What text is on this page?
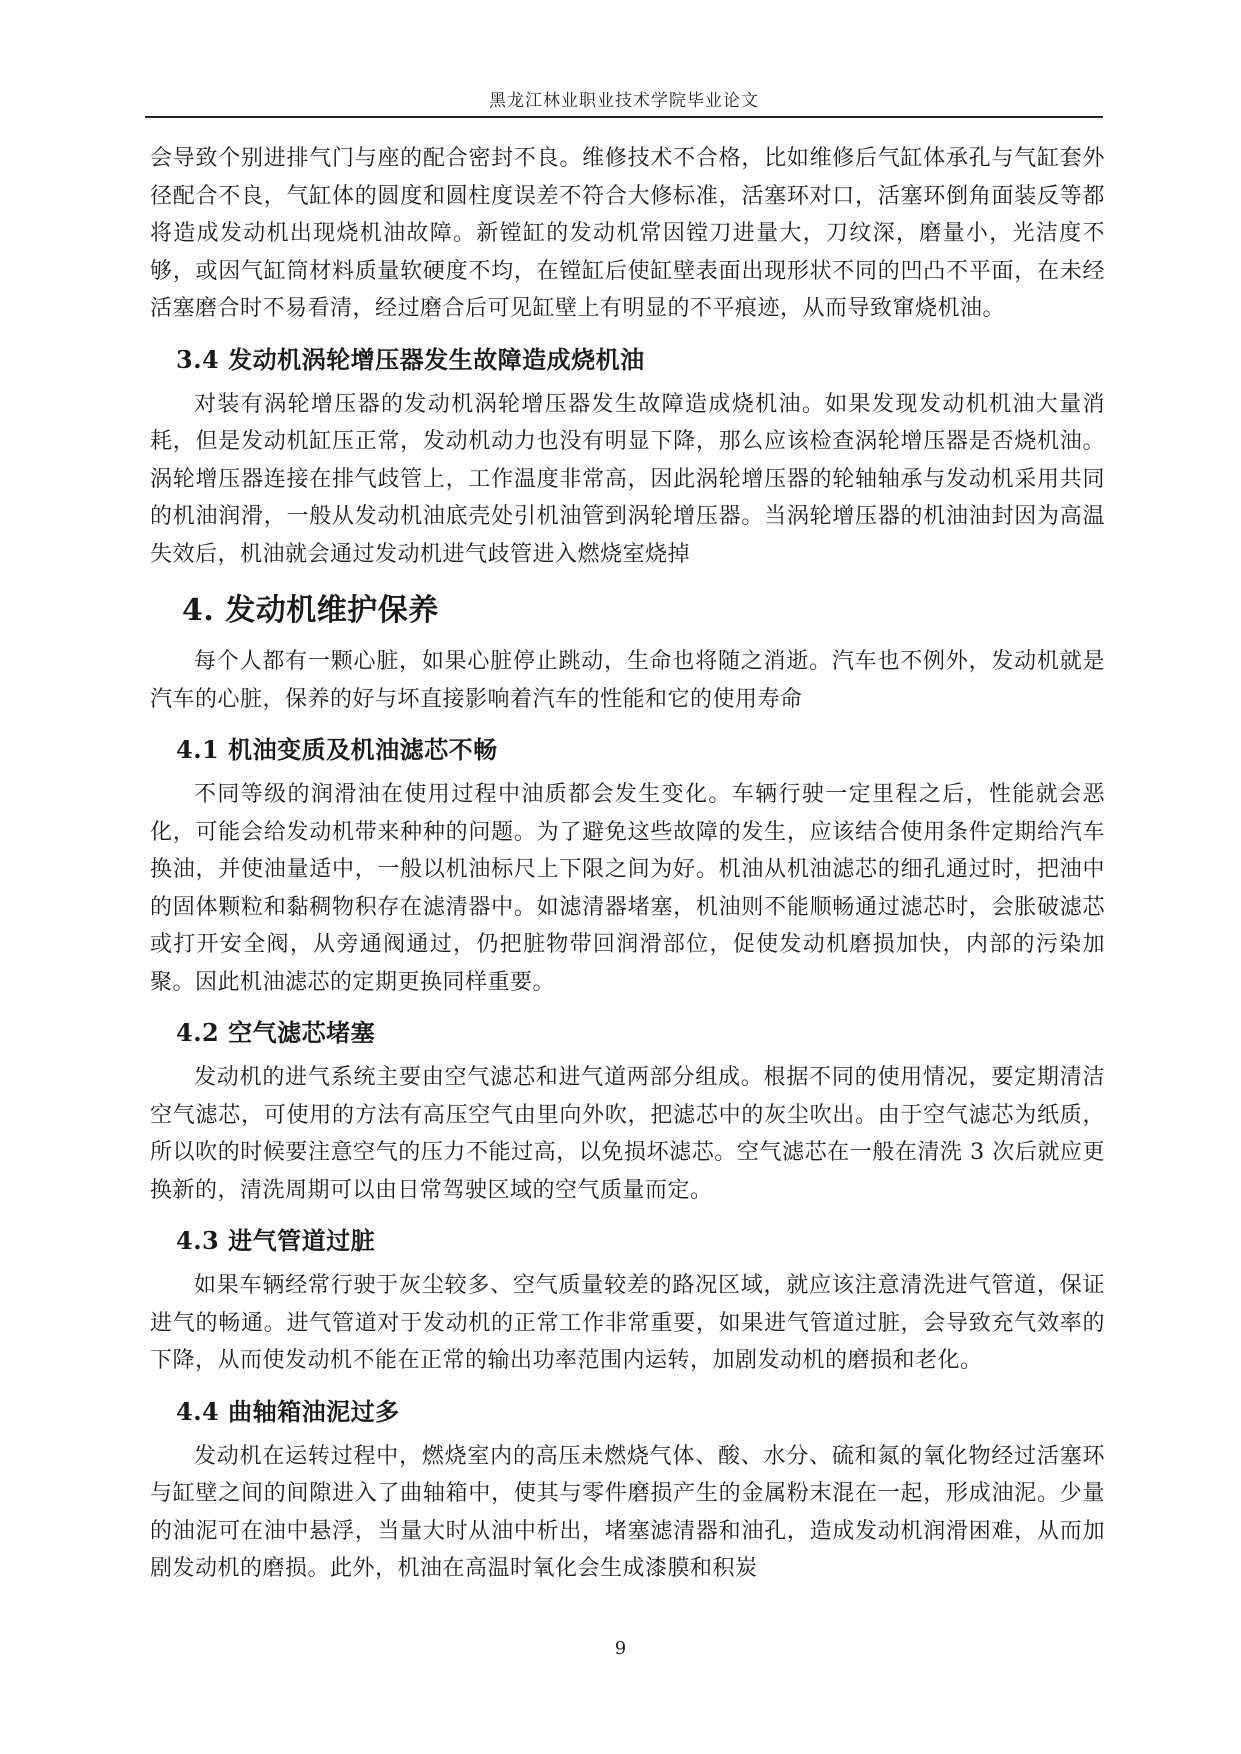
黑龙江林业职业技术学院毕业论文

会导致个别进排气门与座的配合密封不良。维修技术不合格，比如维修后气缸体承孔与气缸套外径配合不良，气缸体的圆度和圆柱度误差不符合大修标准，活塞环对口，活塞环倒角面装反等都将造成发动机出现烧机油故障。新镗缸的发动机常因镗刀进量大，刀纹深，磨量小，光洁度不够，或因气缸筒材料质量软硬度不均，在镗缸后使缸壁表面出现形状不同的凹凸不平面，在未经活塞磨合时不易看清，经过磨合后可见缸壁上有明显的不平痕迹，从而导致窜烧机油。

3.4 发动机涡轮增压器发生故障造成烧机油

对装有涡轮增压器的发动机涡轮增压器发生故障造成烧机油。如果发现发动机机油大量消耗，但是发动机缸压正常，发动机动力也没有明显下降，那么应该检查涡轮增压器是否烧机油。涡轮增压器连接在排气歧管上，工作温度非常高，因此涡轮增压器的轮轴轴承与发动机采用共同的机油润滑，一般从发动机油底壳处引机油管到涡轮增压器。当涡轮增压器的机油油封因为高温失效后，机油就会通过发动机进气歧管进入燃烧室烧掉

4. 发动机维护保养

每个人都有一颗心脏，如果心脏停止跳动，生命也将随之消逝。汽车也不例外，发动机就是汽车的心脏，保养的好与坏直接影响着汽车的性能和它的使用寿命

4.1 机油变质及机油滤芯不畅

不同等级的润滑油在使用过程中油质都会发生变化。车辆行驶一定里程之后，性能就会恶化，可能会给发动机带来种种的问题。为了避免这些故障的发生，应该结合使用条件定期给汽车换油，并使油量适中，一般以机油标尺上下限之间为好。机油从机油滤芯的细孔通过时，把油中的固体颗粒和黏稠物积存在滤清器中。如滤清器堵塞，机油则不能顺畅通过滤芯时，会胀破滤芯或打开安全阀，从旁通阀通过，仍把脏物带回润滑部位，促使发动机磨损加快，内部的污染加聚。因此机油滤芯的定期更换同样重要。

4.2 空气滤芯堵塞

发动机的进气系统主要由空气滤芯和进气道两部分组成。根据不同的使用情况，要定期清洁空气滤芯，可使用的方法有高压空气由里向外吹，把滤芯中的灰尘吹出。由于空气滤芯为纸质，所以吹的时候要注意空气的压力不能过高，以免损坏滤芯。空气滤芯在一般在清洗 3 次后就应更换新的，清洗周期可以由日常驾驶区域的空气质量而定。

4.3 进气管道过脏

如果车辆经常行驶于灰尘较多、空气质量较差的路况区域，就应该注意清洗进气管道，保证进气的畅通。进气管道对于发动机的正常工作非常重要，如果进气管道过脏，会导致充气效率的下降，从而使发动机不能在正常的输出功率范围内运转，加剧发动机的磨损和老化。

4.4 曲轴箱油泥过多

发动机在运转过程中，燃烧室内的高压未燃烧气体、酸、水分、硫和氮的氧化物经过活塞环与缸壁之间的间隙进入了曲轴箱中，使其与零件磨损产生的金属粉末混在一起，形成油泥。少量的油泥可在油中悬浮，当量大时从油中析出，堵塞滤清器和油孔，造成发动机润滑困难，从而加剧发动机的磨损。此外，机油在高温时氧化会生成漆膜和积炭

9
